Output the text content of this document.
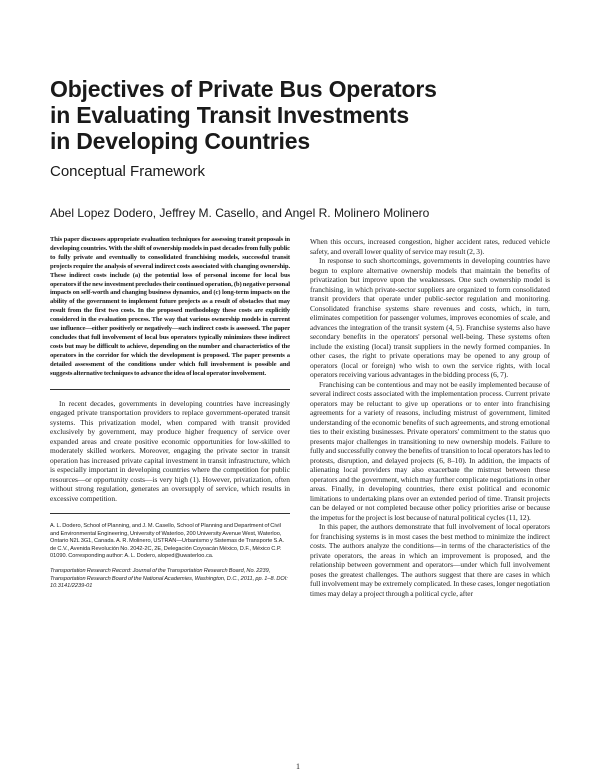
Objectives of Private Bus Operators
in Evaluating Transit Investments
in Developing Countries
Conceptual Framework
Abel Lopez Dodero, Jeffrey M. Casello, and Angel R. Molinero Molinero

This paper discusses appropriate evaluation techniques for assessing transit proposals in developing countries. With the shift of ownership models in past decades from fully public to fully private and eventually to consolidated franchising models, successful transit projects require the analysis of several indirect costs associated with changing ownership. These indirect costs include (a) the potential loss of personal income for local bus operators if the new investment precludes their continued operation, (b) negative personal impacts on self-worth and changing business dynamics, and (c) long-term impacts on the ability of the government to implement future projects as a result of obstacles that may result from the first two costs. In the proposed methodology these costs are explicitly considered in the evaluation process. The way that various ownership models in current use influence—either positively or negatively—such indirect costs is assessed. The paper concludes that full involvement of local bus operators typically minimizes these indirect costs but may be difficult to achieve, depending on the number and characteristics of the operators in the corridor for which the development is proposed. The paper presents a detailed assessment of the conditions under which full involvement is possible and suggests alternative techniques to advance the idea of local operator involvement.

In recent decades, governments in developing countries have increasingly engaged private transportation providers to replace government-operated transit systems. This privatization model, when compared with transit provided exclusively by government, may produce higher frequency of service over expanded areas and create positive economic opportunities for low-skilled to moderately skilled workers. Moreover, engaging the private sector in transit operation has increased private capital investment in transit infrastructure, which is especially important in developing countries where the competition for public resources—or opportunity costs—is very high (1). However, privatization, often without strong regulation, generates an oversupply of service, which results in excessive competition.

A. L. Dodero, School of Planning, and J. M. Casello, School of Planning and Department of Civil and Environmental Engineering, University of Waterloo, 200 University Avenue West, Waterloo, Ontario N2L 3G1, Canada. A. R. Molinero, USTRAN—Urbanismo y Sistemas de Transporte S.A. de C.V., Avenida Revolución No. 2042-2C, 2E, Delegación Coyoacán México, D.F., México C.P. 01090. Corresponding author: A. L. Dodero, aloped@uwaterloo.ca.

Transportation Research Record: Journal of the Transportation Research Board, No. 2239, Transportation Research Board of the National Academies, Washington, D.C., 2011, pp. 1–8. DOI: 10.3141/2239-01

When this occurs, increased congestion, higher accident rates, reduced vehicle safety, and overall lower quality of service may result (2, 3).

In response to such shortcomings, governments in developing countries have begun to explore alternative ownership models that maintain the benefits of privatization but improve upon the weaknesses. One such ownership model is franchising, in which private-sector suppliers are organized to form consolidated transit providers that operate under public-sector regulation and monitoring. Consolidated franchise systems share revenues and costs, which, in turn, eliminates competition for passenger volumes, improves economies of scale, and advances the integration of the transit system (4, 5). Franchise systems also have secondary benefits in the operators' personal well-being. These systems often include the existing (local) transit suppliers in the newly formed companies. In other cases, the right to private operations may be opened to any group of operators (local or foreign) who wish to own the service rights, with local operators receiving various advantages in the bidding process (6, 7).

Franchising can be contentious and may not be easily implemented because of several indirect costs associated with the implementation process. Current private operators may be reluctant to give up operations or to enter into franchising agreements for a variety of reasons, including mistrust of government, limited understanding of the economic benefits of such agreements, and strong emotional ties to their existing businesses. Private operators' commitment to the status quo presents major challenges in transitioning to new ownership models. Failure to fully and successfully convey the benefits of transition to local operators has led to protests, disruption, and delayed projects (6, 8–10). In addition, the impacts of alienating local providers may also exacerbate the mistrust between these operators and the government, which may further complicate negotiations in other areas. Finally, in developing countries, there exist political and economic limitations to undertaking plans over an extended period of time. Transit projects can be delayed or not completed because other policy priorities arise or because the impetus for the project is lost because of natural political cycles (11, 12).

In this paper, the authors demonstrate that full involvement of local operators for franchising systems is in most cases the best method to minimize the indirect costs. The authors analyze the conditions—in terms of the characteristics of the private operators, the areas in which an improvement is proposed, and the relationship between government and operators—under which full involvement poses the greatest challenges. The authors suggest that there are cases in which full involvement may be extremely complicated. In these cases, longer negotiation times may delay a project through a political cycle, after

1
